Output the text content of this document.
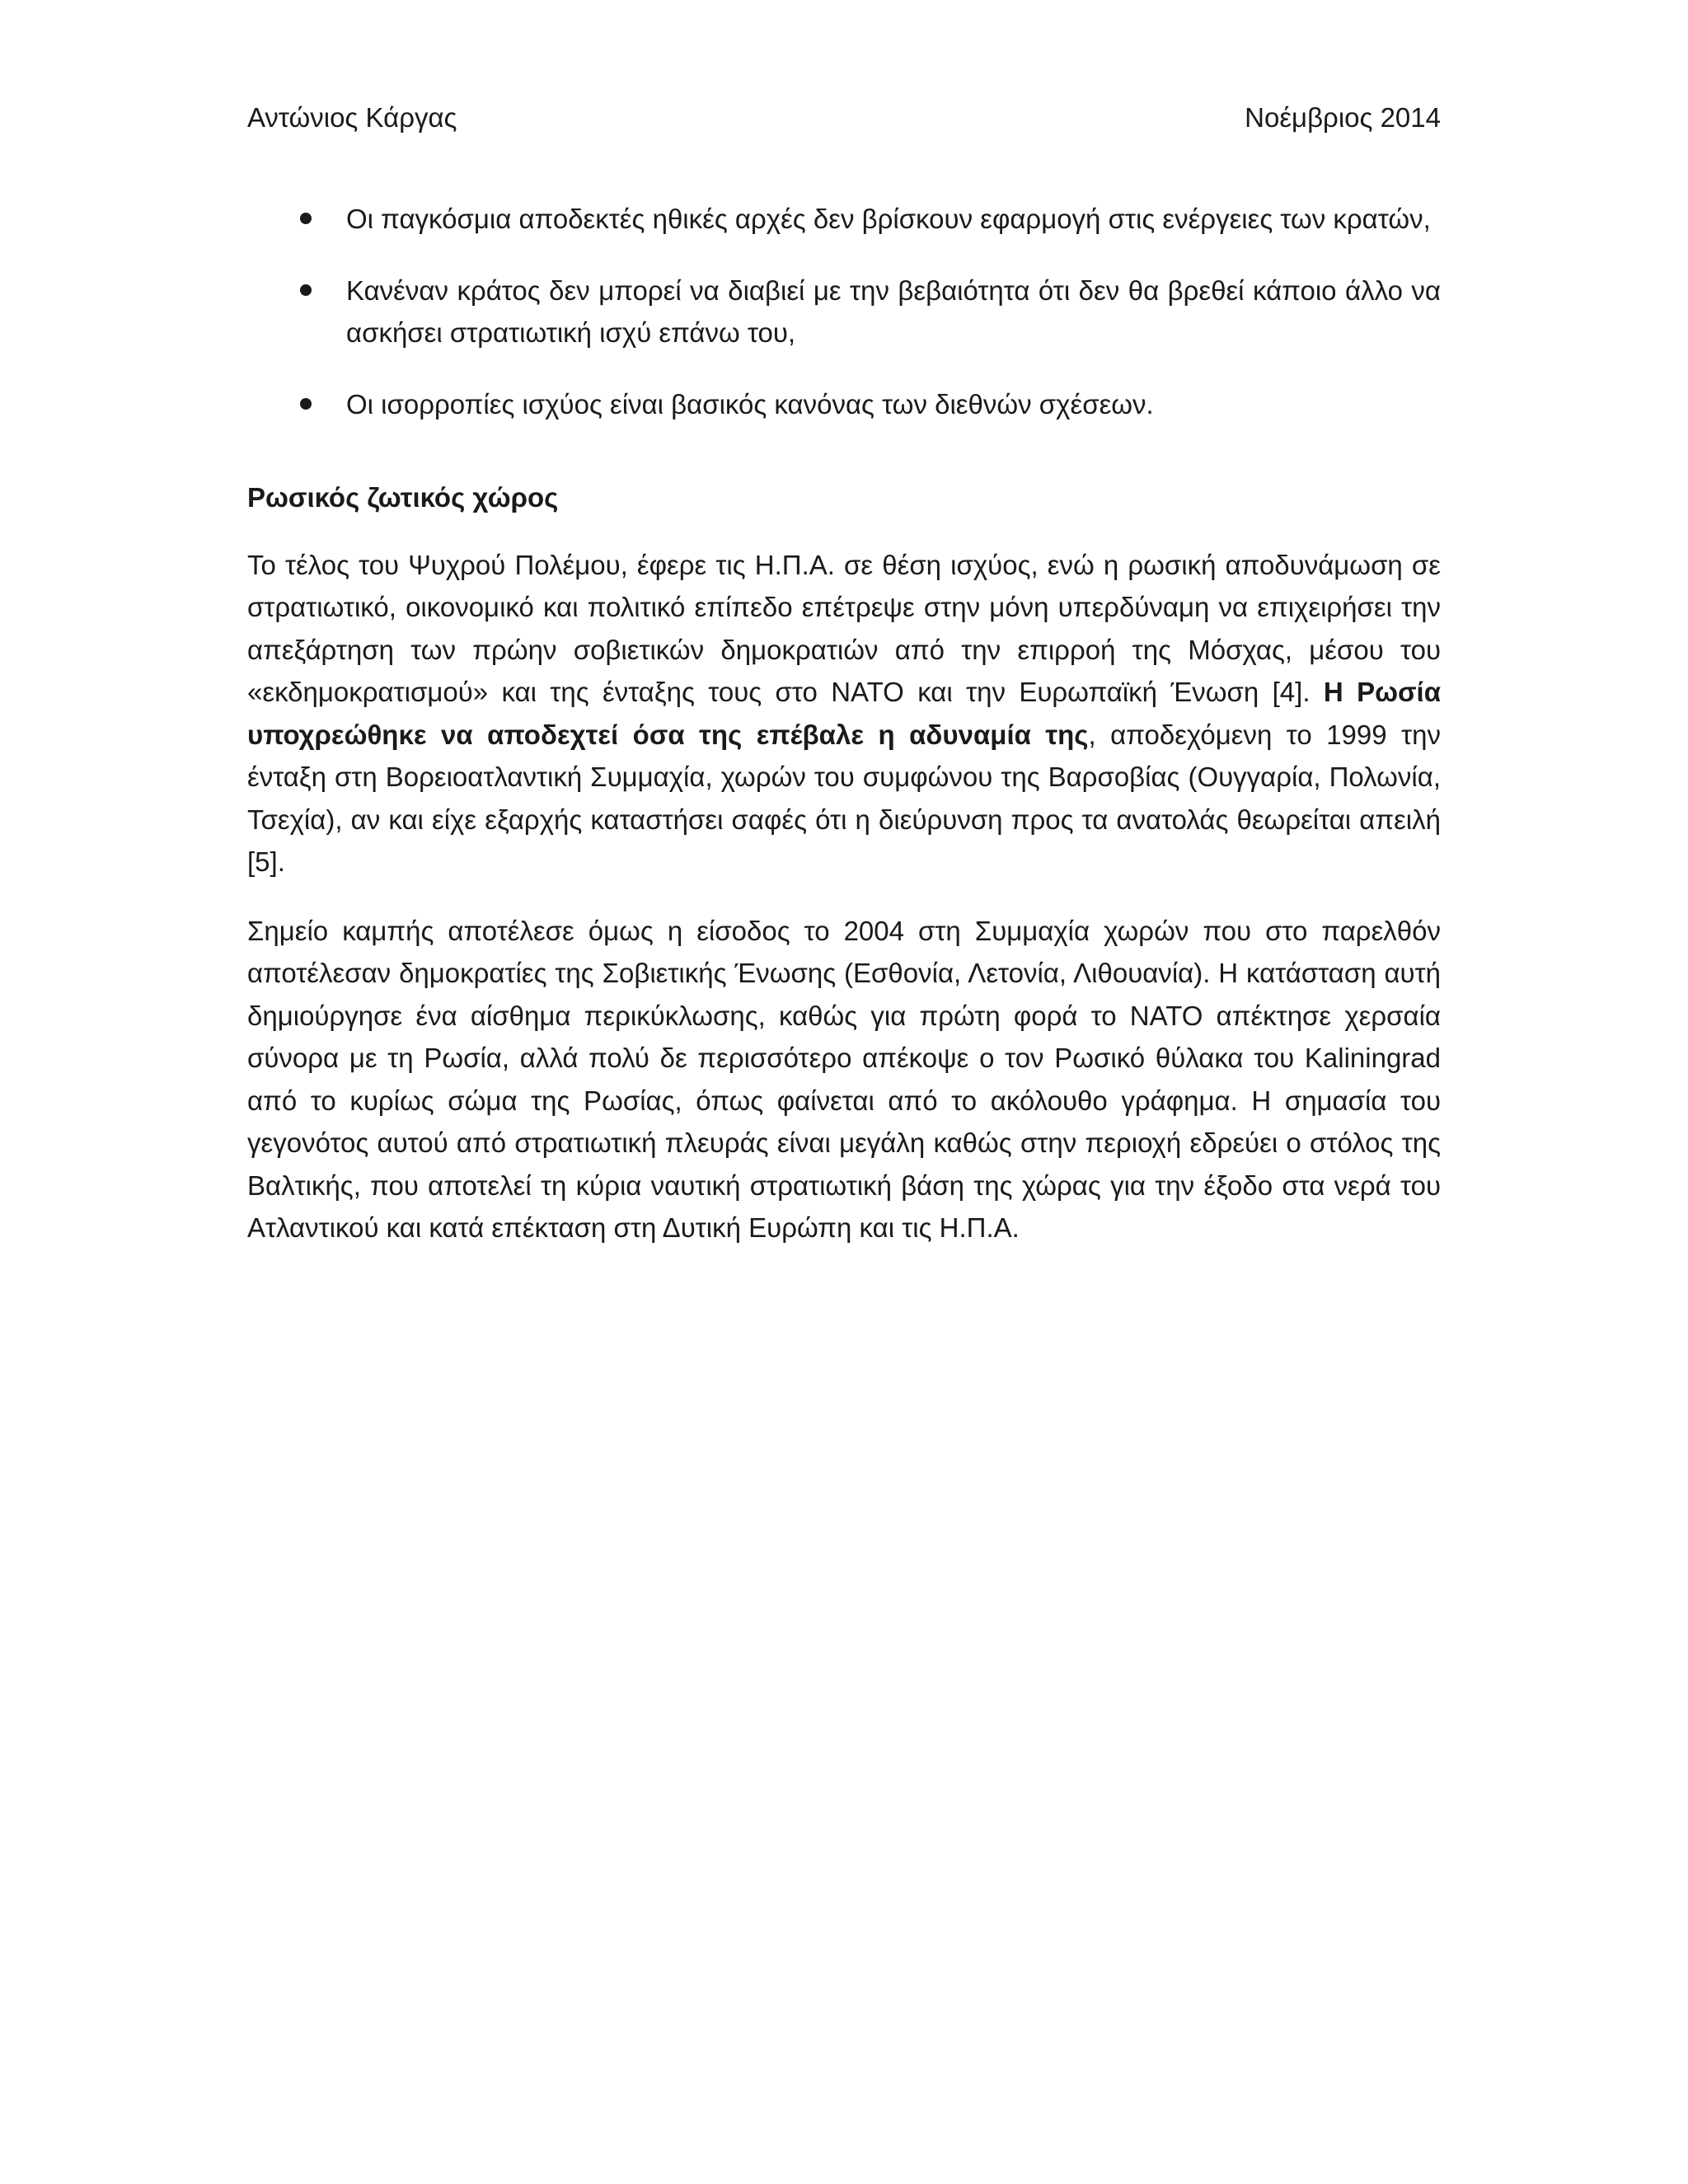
Αντώνιος Κάργας	Νοέμβριος 2014
Οι παγκόσμια αποδεκτές ηθικές αρχές δεν βρίσκουν εφαρμογή στις ενέργειες των κρατών,
Κανέναν κράτος δεν μπορεί να διαβιεί με την βεβαιότητα ότι δεν θα βρεθεί κάποιο άλλο να ασκήσει στρατιωτική ισχύ επάνω του,
Οι ισορροπίες ισχύος είναι βασικός κανόνας των διεθνών σχέσεων.
Ρωσικός ζωτικός χώρος

Το τέλος του Ψυχρού Πολέμου, έφερε τις Η.Π.Α. σε θέση ισχύος, ενώ η ρωσική αποδυνάμωση σε στρατιωτικό, οικονομικό και πολιτικό επίπεδο επέτρεψε στην μόνη υπερδύναμη να επιχειρήσει την απεξάρτηση των πρώην σοβιετικών δημοκρατιών από την επιρροή της Μόσχας, μέσου του «εκδημοκρατισμού» και της ένταξης τους στο ΝΑΤΟ και την Ευρωπαϊκή Ένωση [4]. Η Ρωσία υποχρεώθηκε να αποδεχτεί όσα της επέβαλε η αδυναμία της, αποδεχόμενη το 1999 την ένταξη στη Βορειοατλαντική Συμμαχία, χωρών του συμφώνου της Βαρσοβίας (Ουγγαρία, Πολωνία, Τσεχία), αν και είχε εξαρχής καταστήσει σαφές ότι η διεύρυνση προς τα ανατολάς θεωρείται απειλή [5].

Σημείο καμπής αποτέλεσε όμως η είσοδος το 2004 στη Συμμαχία χωρών που στο παρελθόν αποτέλεσαν δημοκρατίες της Σοβιετικής Ένωσης (Εσθονία, Λετονία, Λιθουανία). Η κατάσταση αυτή δημιούργησε ένα αίσθημα περικύκλωσης, καθώς για πρώτη φορά το ΝΑΤΟ απέκτησε χερσαία σύνορα με τη Ρωσία, αλλά πολύ δε περισσότερο απέκοψε ο τον Ρωσικό θύλακα του Kaliningrad από το κυρίως σώμα της Ρωσίας, όπως φαίνεται από το ακόλουθο γράφημα. Η σημασία του γεγονότος αυτού από στρατιωτική πλευράς είναι μεγάλη καθώς στην περιοχή εδρεύει ο στόλος της Βαλτικής, που αποτελεί τη κύρια ναυτική στρατιωτική βάση της χώρας για την έξοδο στα νερά του Ατλαντικού και κατά επέκταση στη Δυτική Ευρώπη και τις Η.Π.Α.
